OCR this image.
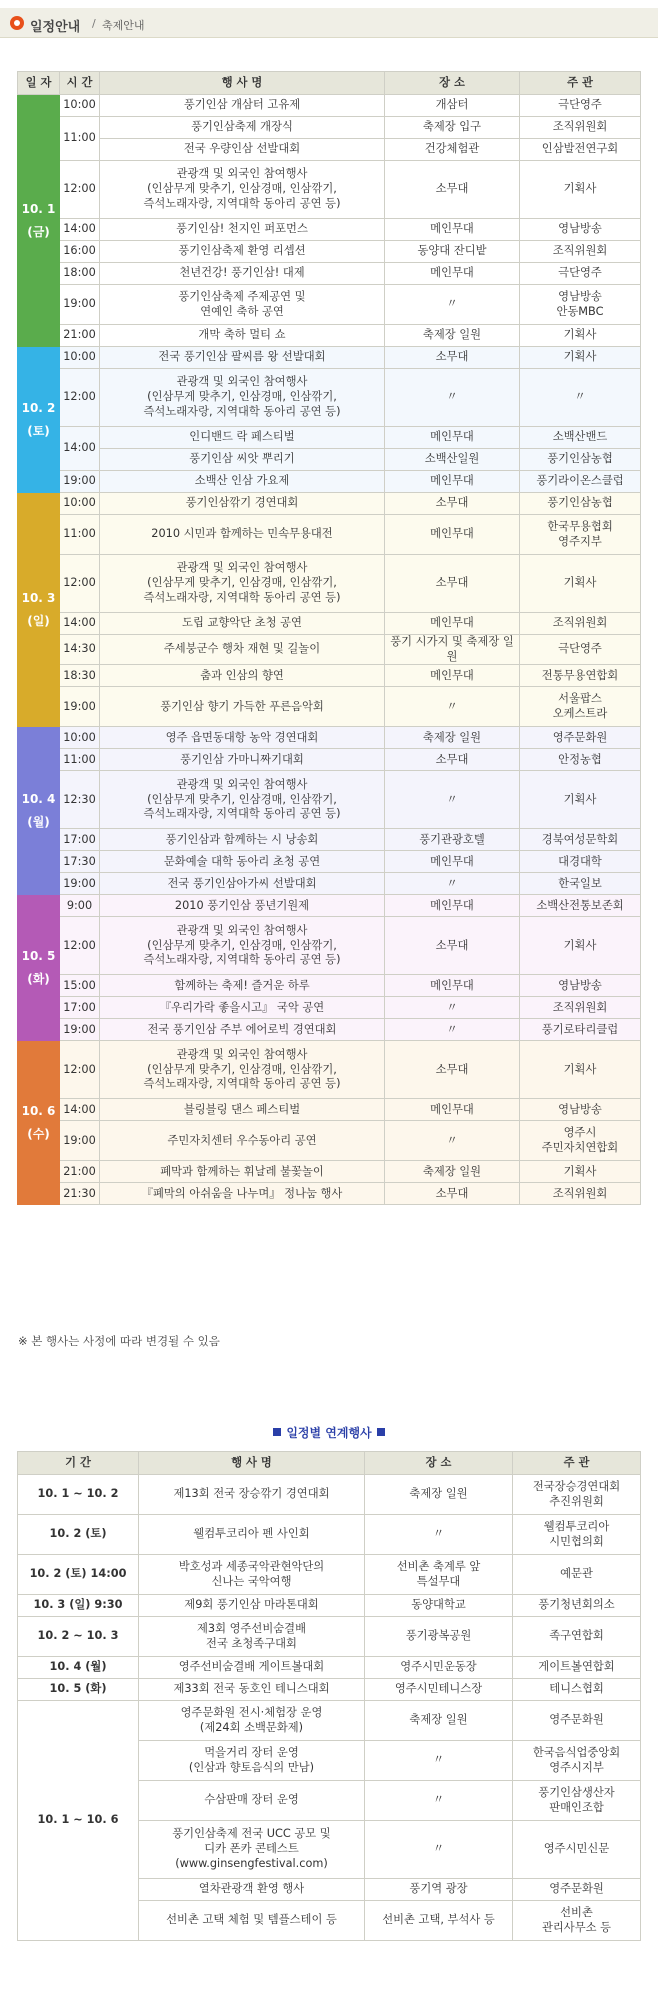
일정안내 / 축제안내
일 자	시 간	행 사 명	장 소	주 관
10. 1
(금)	10:00	풍기인삼 개삼터 고유제	개삼터	극단영주
	11:00	풍기인삼축제 개장식	축제장 입구	조직위원회
		전국 우량인삼 선발대회	건강체험관	인삼발전연구회
	12:00	관광객 및 외국인 참여행사
(인삼무게 맞추기, 인삼경매, 인삼깎기,
즉석노래자랑, 지역대학 동아리 공연 등)	소무대	기획사
	14:00	풍기인삼! 천지인 퍼포먼스	메인무대	영남방송
	16:00	풍기인삼축제 환영 리셉션	동양대 잔디밭	조직위원회
	18:00	천년건강! 풍기인삼! 대제	메인무대	극단영주
	19:00	풍기인삼축제 주제공연 및
연예인 축하 공연	〃	영남방송
안동MBC
	21:00	개막 축하 멀티 쇼	축제장 일원	기획사
10. 2
(토)	10:00	전국 풍기인삼 팔씨름 왕 선발대회	소무대	기획사
	12:00	관광객 및 외국인 참여행사
(인삼무게 맞추기, 인삼경매, 인삼깎기,
즉석노래자랑, 지역대학 동아리 공연 등)	〃	〃
	14:00	인디밴드 락 페스티벌	메인무대	소백산밴드
		풍기인삼 씨앗 뿌리기	소백산일원	풍기인삼농협
	19:00	소백산 인삼 가요제	메인무대	풍기라이온스클럽
10. 3
(일)	10:00	풍기인삼깎기 경연대회	소무대	풍기인삼농협
	11:00	2010 시민과 함께하는 민속무용대전	메인무대	한국무용협회
영주지부
	12:00	관광객 및 외국인 참여행사
(인삼무게 맞추기, 인삼경매, 인삼깎기,
즉석노래자랑, 지역대학 동아리 공연 등)	소무대	기획사
	14:00	도립 교향악단 초청 공연	메인무대	조직위원회
	14:30	주세붕군수 행차 재현 및 길놀이	풍기 시가지 및 축제장 일원	극단영주
	18:30	춤과 인삼의 향연	메인무대	전통무용연합회
	19:00	풍기인삼 향기 가득한 푸른음악회	〃	서울팝스
오케스트라
10. 4
(월)	10:00	영주 읍면동대항 농악 경연대회	축제장 일원	영주문화원
	11:00	풍기인삼 가마니짜기대회	소무대	안정농협
	12:30	관광객 및 외국인 참여행사
(인삼무게 맞추기, 인삼경매, 인삼깎기,
즉석노래자랑, 지역대학 동아리 공연 등)	〃	기획사
	17:00	풍기인삼과 함께하는 시 낭송회	풍기관광호텔	경북여성문학회
	17:30	문화예술 대학 동아리 초청 공연	메인무대	대경대학
	19:00	전국 풍기인삼아가씨 선발대회	〃	한국일보
10. 5
(화)	9:00	2010 풍기인삼 풍년기원제	메인무대	소백산전통보존회
	12:00	관광객 및 외국인 참여행사
(인삼무게 맞추기, 인삼경매, 인삼깎기,
즉석노래자랑, 지역대학 동아리 공연 등)	소무대	기획사
	15:00	함께하는 축제! 즐거운 하루	메인무대	영남방송
	17:00	『우리가락 좋을시고』 국악 공연	〃	조직위원회
	19:00	전국 풍기인삼 주부 에어로빅 경연대회	〃	풍기로타리클럽
10. 6
(수)	12:00	관광객 및 외국인 참여행사
(인삼무게 맞추기, 인삼경매, 인삼깎기,
즉석노래자랑, 지역대학 동아리 공연 등)	소무대	기획사
	14:00	블링블링 댄스 페스티벌	메인무대	영남방송
	19:00	주민자치센터 우수동아리 공연	〃	영주시
주민자치연합회
	21:00	폐막과 함께하는 휘날레 불꽃놀이	축제장 일원	기획사
	21:30	『폐막의 아쉬움을 나누며』 정나눔 행사	소무대	조직위원회
※ 본 행사는 사정에 따라 변경될 수 있음
일정별 연계행사
기 간	행 사 명	장 소	주 관
10. 1 ~ 10. 2	제13회 전국 장승깎기 경연대회	축제장 일원	전국장승경연대회
추진위원회
10. 2 (토)	웰컴투코리아 펜 사인회	〃	웰컴투코리아
시민협의회
10. 2 (토) 14:00	박호성과 세종국악관현악단의
신나는 국악여행	선비촌 축계루 앞
특설무대	예문관
10. 3 (일) 9:30	제9회 풍기인삼 마라톤대회	동양대학교	풍기청년회의소
10. 2 ~ 10. 3	제3회 영주선비숨결배
전국 초청족구대회	풍기광복공원	족구연합회
10. 4 (월)	영주선비숨결배 게이트볼대회	영주시민운동장	게이트볼연합회
10. 5 (화)	제33회 전국 동호인 테니스대회	영주시민테니스장	테니스협회
10. 1 ~ 10. 6	영주문화원 전시·체험장 운영
(제24회 소백문화제)	축제장 일원	영주문화원
	먹을거리 장터 운영
(인삼과 향토음식의 만남)	〃	한국음식업중앙회
영주시지부
	수삼판매 장터 운영	〃	풍기인삼생산자
판매인조합
	풍기인삼축제 전국 UCC 공모 및
디카 폰카 콘테스트
(www.ginsengfestival.com)	〃	영주시민신문
	열차관광객 환영 행사	풍기역 광장	영주문화원
	선비촌 고택 체험 및 템플스테이 등	선비촌 고택, 부석사 등	선비촌
관리사무소 등
